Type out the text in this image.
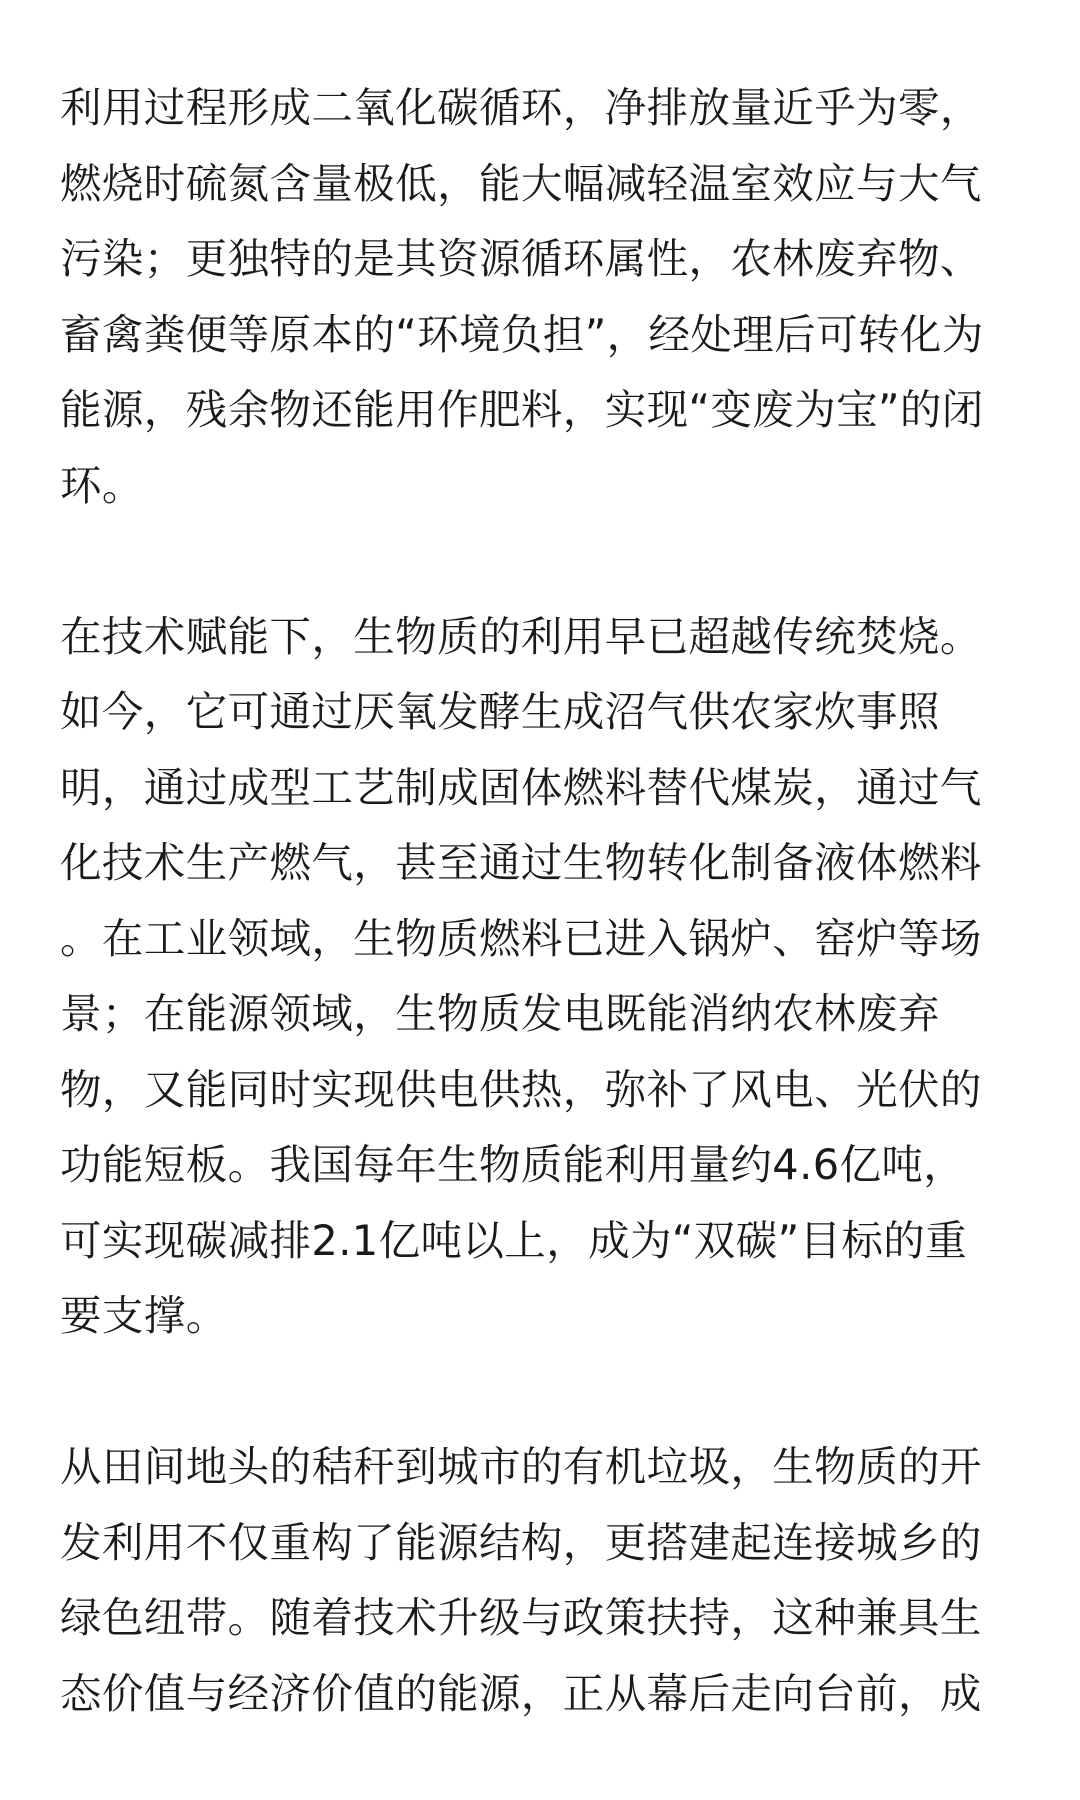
利用过程形成二氧化碳循环，净排放量近乎为零，
燃烧时硫氮含量极低，能大幅减轻温室效应与大气
污染；更独特的是其资源循环属性，农林废弃物、
畜禽粪便等原本的“环境负担”，经处理后可转化为
能源，残余物还能用作肥料，实现“变废为宝”的闭
环。
在技术赋能下，生物质的利用早已超越传统焚烧。
如今，它可通过厌氧发酵生成沼气供农家炊事照
明，通过成型工艺制成固体燃料替代煤炭，通过气
化技术生产燃气，甚至通过生物转化制备液体燃料
。在工业领域，生物质燃料已进入锅炉、窑炉等场
景；在能源领域，生物质发电既能消纳农林废弃
物，又能同时实现供电供热，弥补了风电、光伏的
功能短板。我国每年生物质能利用量约4.6亿吨，
可实现碳减排2.1亿吨以上，成为“双碳”目标的重
要支撑。
从田间地头的秸秆到城市的有机垃圾，生物质的开
发利用不仅重构了能源结构，更搭建起连接城乡的
绿色纽带。随着技术升级与政策扶持，这种兼具生
态价值与经济价值的能源，正从幕后走向台前，成
